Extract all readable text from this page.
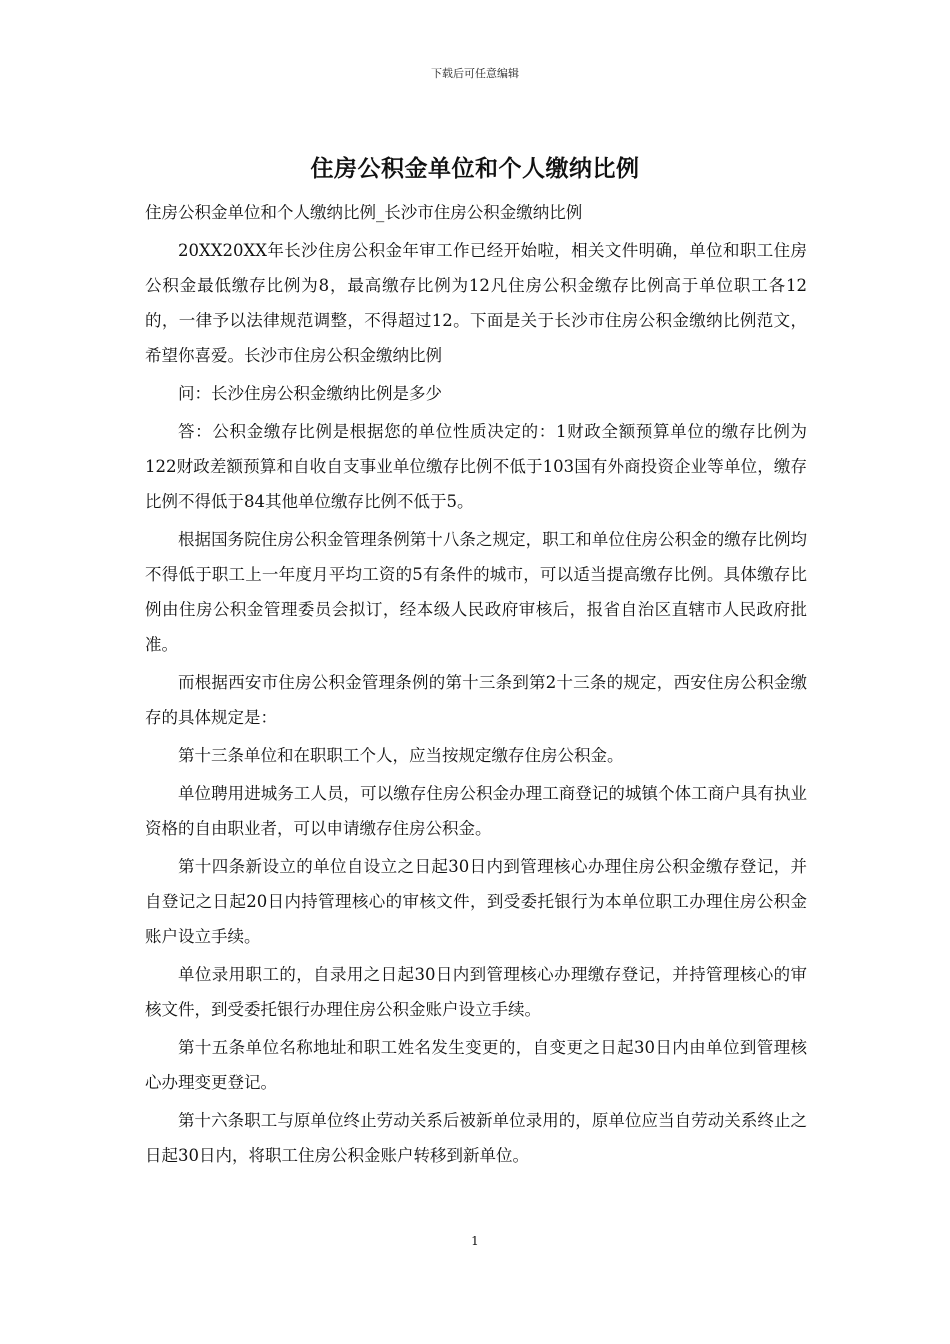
下载后可任意编辑
住房公积金单位和个人缴纳比例

住房公积金单位和个人缴纳比例_长沙市住房公积金缴纳比例

20XX20XX年长沙住房公积金年审工作已经开始啦，相关文件明确，单位和职工住房公积金最低缴存比例为8，最高缴存比例为12凡住房公积金缴存比例高于单位职工各12的，一律予以法律规范调整，不得超过12。下面是关于长沙市住房公积金缴纳比例范文，希望你喜爱。长沙市住房公积金缴纳比例

问：长沙住房公积金缴纳比例是多少

答：公积金缴存比例是根据您的单位性质决定的：1财政全额预算单位的缴存比例为122财政差额预算和自收自支事业单位缴存比例不低于103国有外商投资企业等单位，缴存比例不得低于84其他单位缴存比例不低于5。

根据国务院住房公积金管理条例第十八条之规定，职工和单位住房公积金的缴存比例均不得低于职工上一年度月平均工资的5有条件的城市，可以适当提高缴存比例。具体缴存比例由住房公积金管理委员会拟订，经本级人民政府审核后，报省自治区直辖市人民政府批准。

而根据西安市住房公积金管理条例的第十三条到第2十三条的规定，西安住房公积金缴存的具体规定是：

第十三条单位和在职职工个人，应当按规定缴存住房公积金。

单位聘用进城务工人员，可以缴存住房公积金办理工商登记的城镇个体工商户具有执业资格的自由职业者，可以申请缴存住房公积金。

第十四条新设立的单位自设立之日起30日内到管理核心办理住房公积金缴存登记，并自登记之日起20日内持管理核心的审核文件，到受委托银行为本单位职工办理住房公积金账户设立手续。

单位录用职工的，自录用之日起30日内到管理核心办理缴存登记，并持管理核心的审核文件，到受委托银行办理住房公积金账户设立手续。

第十五条单位名称地址和职工姓名发生变更的，自变更之日起30日内由单位到管理核心办理变更登记。

第十六条职工与原单位终止劳动关系后被新单位录用的，原单位应当自劳动关系终止之日起30日内，将职工住房公积金账户转移到新单位。

1
